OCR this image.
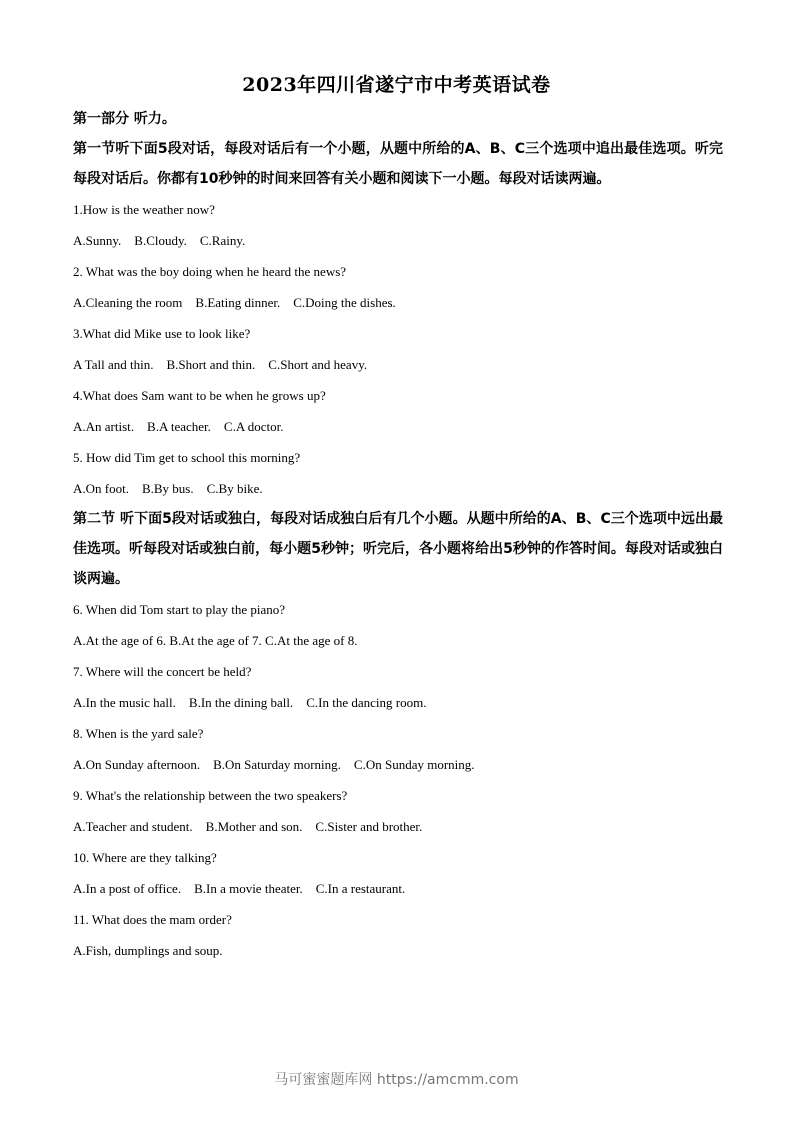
2023年四川省遂宁市中考英语试卷
第一部分 听力。
第一节听下面5段对话，每段对话后有一个小题，从题中所给的A、B、C三个选项中追出最佳选项。听完每段对话后。你都有10秒钟的时间来回答有关小题和阅读下一小题。每段对话读两遍。
1.How is the weather now?
A.Sunny.    B.Cloudy.    C.Rainy.
2. What was the boy doing when he heard the news?
A.Cleaning the room    B.Eating dinner.    C.Doing the dishes.
3.What did Mike use to look like?
A Tall and thin.    B.Short and thin.    C.Short and heavy.
4.What does Sam want to be when he grows up?
A.An artist.    B.A teacher.    C.A doctor.
5. How did Tim get to school this morning?
A.On foot.    B.By bus.    C.By bike.
第二节 听下面5段对话或独白，每段对话成独白后有几个小题。从题中所给的A、B、C三个选项中远出最佳选项。听每段对话或独白前，每小题5秒钟；听完后，各小题将给出5秒钟的作答时间。每段对话或独白谈两遍。
6. When did Tom start to play the piano?
A.At the age of 6. B.At the age of 7. C.At the age of 8.
7. Where will the concert be held?
A.In the music hall.    B.In the dining ball.    C.In the dancing room.
8. When is the yard sale?
A.On Sunday afternoon.    B.On Saturday morning.    C.On Sunday morning.
9. What's the relationship between the two speakers?
A.Teacher and student.    B.Mother and son.    C.Sister and brother.
10. Where are they talking?
A.In a post of office.    B.In a movie theater.    C.In a restaurant.
11. What does the mam order?
A.Fish, dumplings and soup.
马可蜜蜜题库网 https://amcmm.com
